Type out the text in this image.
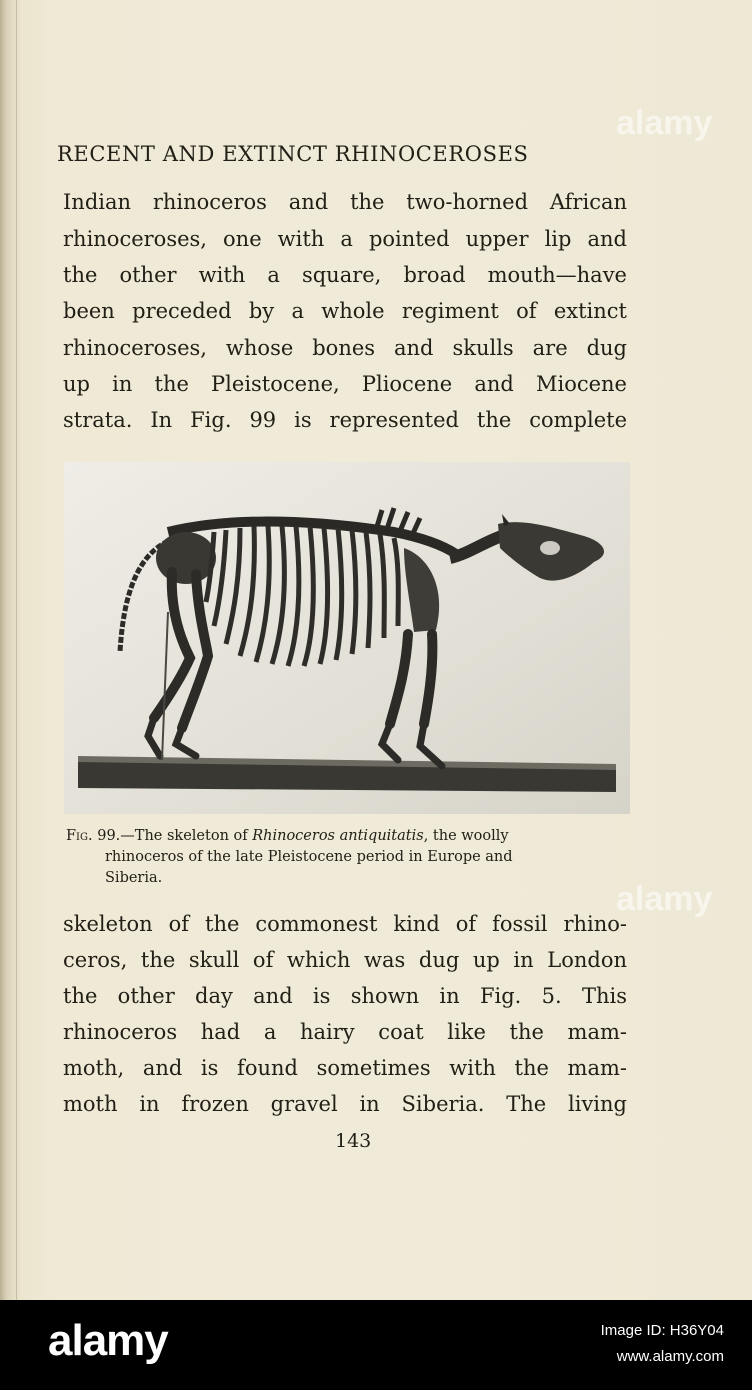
RECENT AND EXTINCT RHINOCEROSES
Indian rhinoceros and the two-horned African
rhinoceroses, one with a pointed upper lip and
the other with a square, broad mouth—have
been preceded by a whole regiment of extinct
rhinoceroses, whose bones and skulls are dug
up in the Pleistocene, Pliocene and Miocene
strata. In Fig. 99 is represented the complete
Fig. 99.—The skeleton of Rhinoceros antiquitatis, the woolly
rhinoceros of the late Pleistocene period in Europe and
Siberia.
skeleton of the commonest kind of fossil rhino-
ceros, the skull of which was dug up in London
the other day and is shown in Fig. 5. This
rhinoceros had a hairy coat like the mam-
moth, and is found sometimes with the mam-
moth in frozen gravel in Siberia. The living
143
alamy
alamy
alamy	Image ID: H36Y04
www.alamy.com
